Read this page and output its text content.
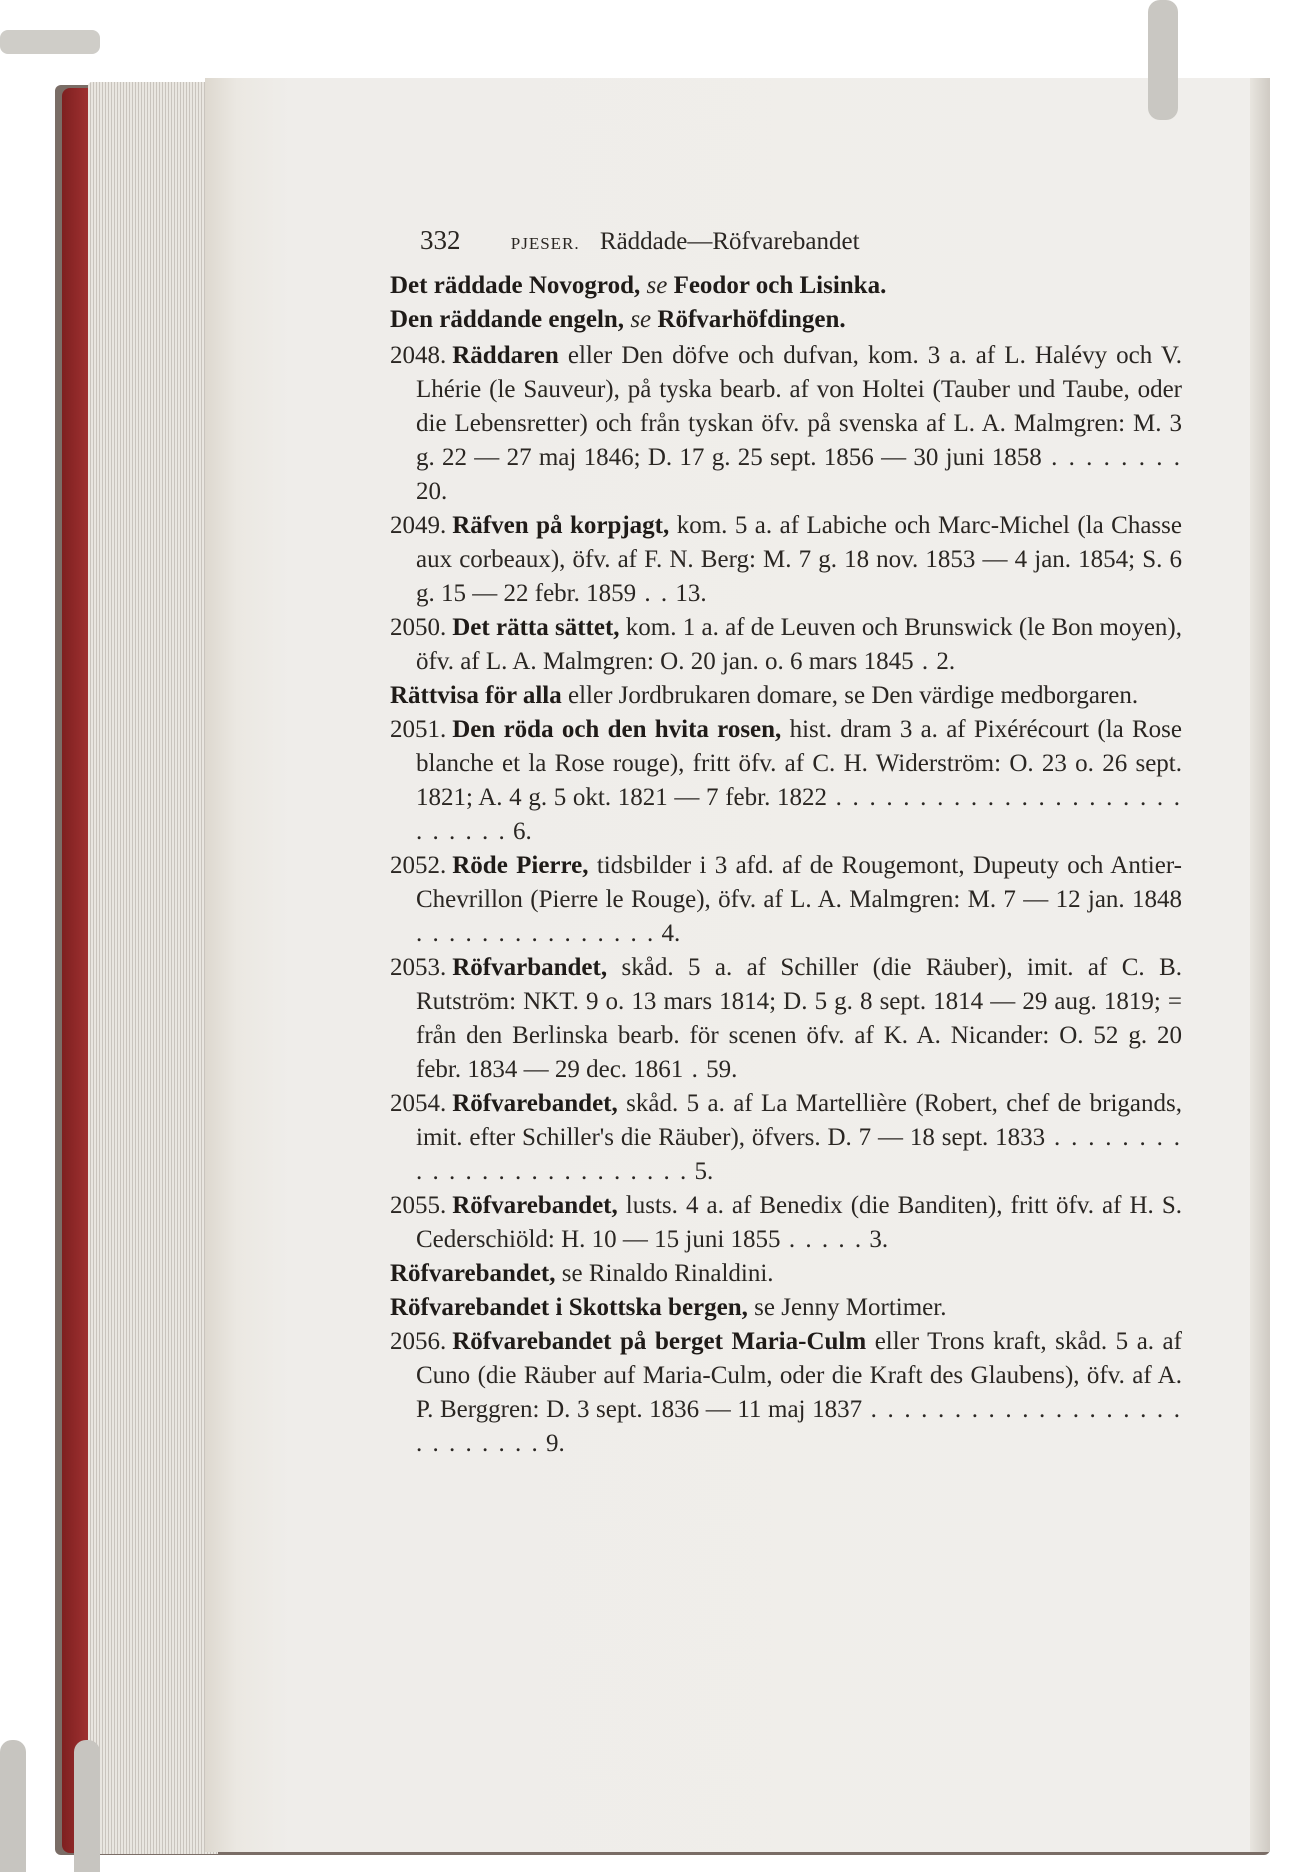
332	PJESER. Räddade—Röfvarebandet
Det räddade Novogrod, se Feodor och Lisinka.
Den räddande engeln, se Röfvarhöfdingen.
2048. Räddaren eller Den döfve och dufvan, kom. 3 a. af L. Halévy och V. Lhérie (le Sauveur), på tyska bearb. af von Holtei (Tauber und Taube, oder die Lebensretter) och från tyskan öfv. på svenska af L. A. Malmgren: M. 3 g. 22 — 27 maj 1846; D. 17 g. 25 sept. 1856 — 30 juni 1858 . . . . . . . . 20.
2049. Räfven på korpjagt, kom. 5 a. af Labiche och Marc-Michel (la Chasse aux corbeaux), öfv. af F. N. Berg: M. 7 g. 18 nov. 1853 — 4 jan. 1854; S. 6 g. 15 — 22 febr. 1859 . . 13.
2050. Det rätta sättet, kom. 1 a. af de Leuven och Brunswick (le Bon moyen), öfv. af L. A. Malmgren: O. 20 jan. o. 6 mars 1845 . 2.
Rättvisa för alla eller Jordbrukaren domare, se Den värdige medborgaren.
2051. Den röda och den hvita rosen, hist. dram 3 a. af Pixérécourt (la Rose blanche et la Rose rouge), fritt öfv. af C. H. Widerström: O. 23 o. 26 sept. 1821; A. 4 g. 5 okt. 1821 — 7 febr. 1822 . . . . . . . . . . . . . . . . . . . . . . . . . . . 6.
2052. Röde Pierre, tidsbilder i 3 afd. af de Rougemont, Dupeuty och Antier-Chevrillon (Pierre le Rouge), öfv. af L. A. Malmgren: M. 7 — 12 jan. 1848 . . . . . . . . . . . . . . . 4.
2053. Röfvarbandet, skåd. 5 a. af Schiller (die Räuber), imit. af C. B. Rutström: NKT. 9 o. 13 mars 1814; D. 5 g. 8 sept. 1814 — 29 aug. 1819; = från den Berlinska bearb. för scenen öfv. af K. A. Nicander: O. 52 g. 20 febr. 1834 — 29 dec. 1861 . 59.
2054. Röfvarebandet, skåd. 5 a. af La Martellière (Robert, chef de brigands, imit. efter Schiller's die Räuber), öfvers. D. 7 — 18 sept. 1833 . . . . . . . . . . . . . . . . . . . . . . . . . 5.
2055. Röfvarebandet, lusts. 4 a. af Benedix (die Banditen), fritt öfv. af H. S. Cederschiöld: H. 10 — 15 juni 1855 . . . . . 3.
Röfvarebandet, se Rinaldo Rinaldini.
Röfvarebandet i Skottska bergen, se Jenny Mortimer.
2056. Röfvarebandet på berget Maria-Culm eller Trons kraft, skåd. 5 a. af Cuno (die Räuber auf Maria-Culm, oder die Kraft des Glaubens), öfv. af A. P. Berggren: D. 3 sept. 1836 — 11 maj 1837 . . . . . . . . . . . . . . . . . . . . . . . . . . . 9.
